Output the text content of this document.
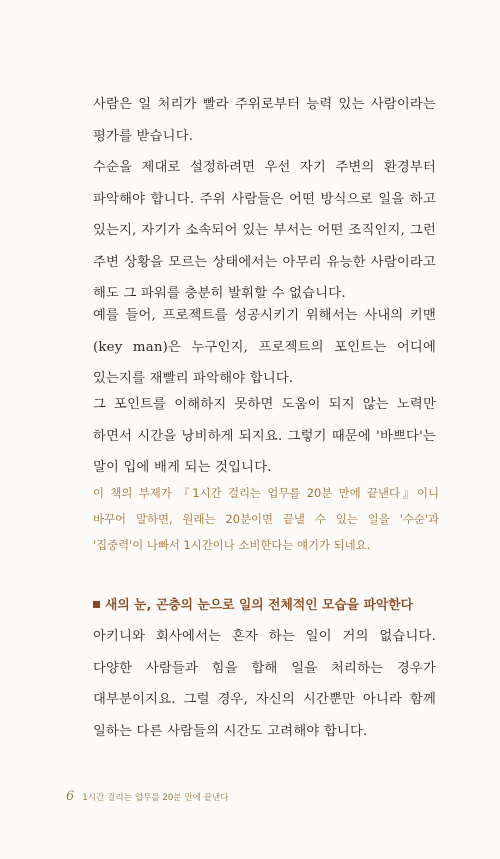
사람은 일 처리가 빨라 주위로부터 능력 있는 사람이라는 평가를 받습니다.

수순을 제대로 설정하려면 우선 자기 주변의 환경부터 파악해야 합니다. 주위 사람들은 어떤 방식으로 일을 하고 있는지, 자기가 소속되어 있는 부서는 어떤 조직인지, 그런 주변 상황을 모르는 상태에서는 아무리 유능한 사람이라고 해도 그 파워를 충분히 발휘할 수 없습니다.

예를 들어, 프로젝트를 성공시키기 위해서는 사내의 키맨(key man)은 누구인지, 프로젝트의 포인트는 어디에 있는지를 재빨리 파악해야 합니다.

그 포인트를 이해하지 못하면 도움이 되지 않는 노력만 하면서 시간을 낭비하게 되지요. 그렇기 때문에 '바쁘다'는 말이 입에 배게 되는 것입니다.

이 책의 부제가 『1시간 걸리는 업무를 20분 만에 끝낸다』이니 바꾸어 말하면, 원래는 20분이면 끝낼 수 있는 일을 '수순'과 '집중력'이 나빠서 1시간이나 소비한다는 얘기가 되네요.

새의 눈, 곤충의 눈으로 일의 전체적인 모습을 파악한다

아키니와 회사에서는 혼자 하는 일이 거의 없습니다. 다양한 사람들과 힘을 합해 일을 처리하는 경우가 대부분이지요. 그럴 경우, 자신의 시간뿐만 아니라 함께 일하는 다른 사람들의 시간도 고려해야 합니다.

6 1시간 걸리는 업무를 20분 만에 끝낸다
